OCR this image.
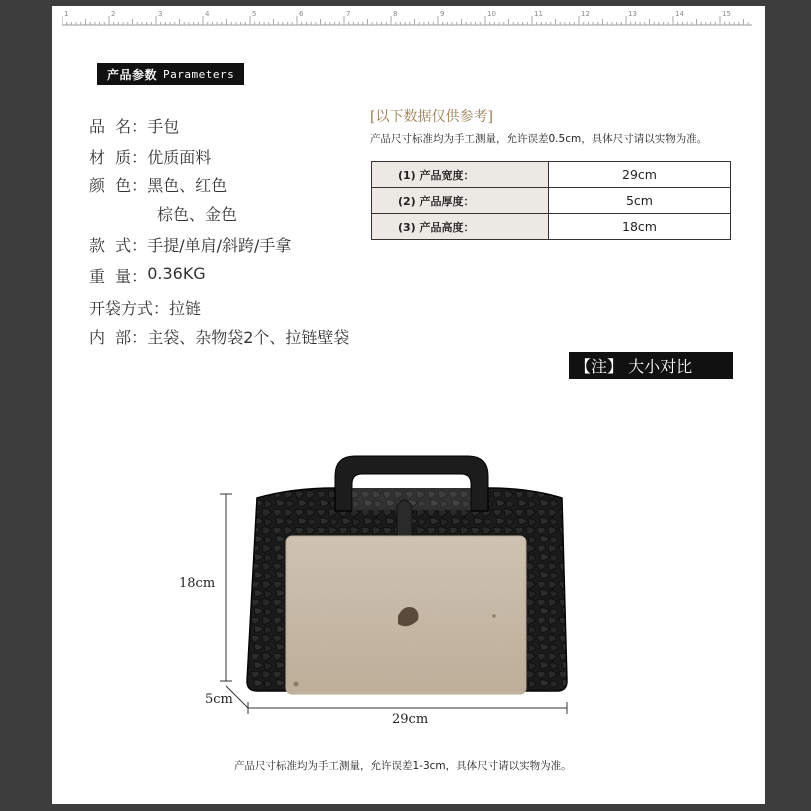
1	2	3	4	5	6	7	8	9	10	11	12	13	14	15
产品参数 Parameters
品  名： 手包
材  质： 优质面料
颜  色： 黑色、红色
棕色、金色
款  式： 手提/单肩/斜跨/手拿
重  量： 0.36KG
开袋方式： 拉链
内  部： 主袋、杂物袋2个、拉链壁袋
[以下数据仅供参考]
产品尺寸标准均为手工测量，允许误差0.5cm，具体尺寸请以实物为准。
(1) 产品宽度：	29cm
(2) 产品厚度：	5cm
(3) 产品高度：	18cm
【注】 大小对比
18cm
5cm
29cm
产品尺寸标准均为手工测量，允许误差1-3cm，具体尺寸请以实物为准。
